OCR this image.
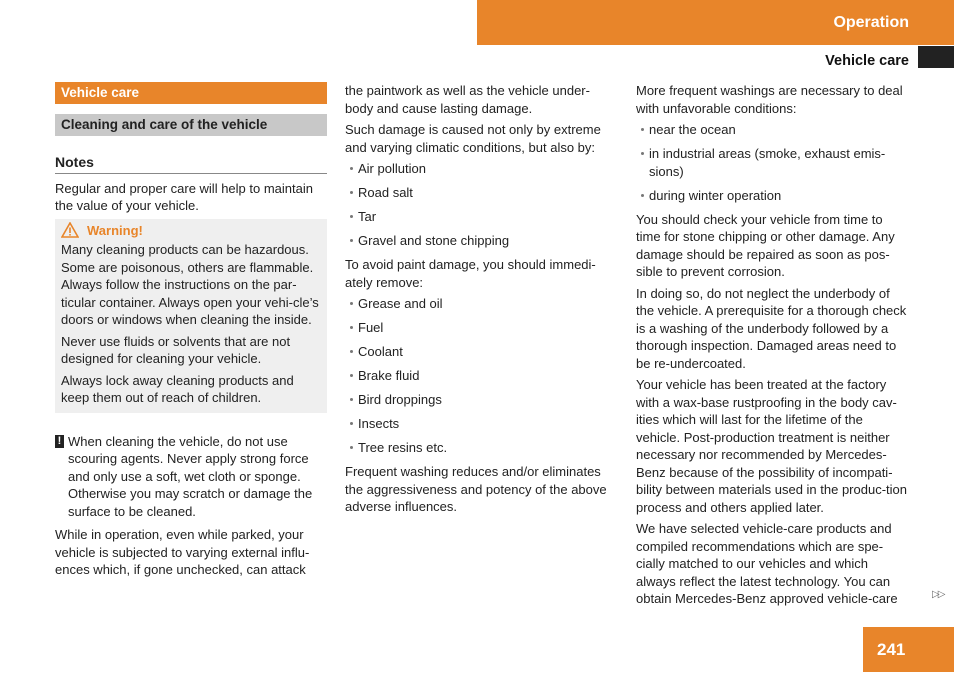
Operation
Vehicle care
Vehicle care
Cleaning and care of the vehicle
Notes

Regular and proper care will help to maintain the value of your vehicle.

Warning!

Many cleaning products can be hazardous. Some are poisonous, others are flammable. Always follow the instructions on the par-ticular container. Always open your vehi-cle’s doors or windows when cleaning the inside.

Never use fluids or solvents that are not designed for cleaning your vehicle.

Always lock away cleaning products and keep them out of reach of children.

! When cleaning the vehicle, do not use scouring agents. Never apply strong force and only use a soft, wet cloth or sponge. Otherwise you may scratch or damage the surface to be cleaned.

While in operation, even while parked, your vehicle is subjected to varying external influ-ences which, if gone unchecked, can attack

the paintwork as well as the vehicle under-body and cause lasting damage.

Such damage is caused not only by extreme and varying climatic conditions, but also by:

Air pollution
Road salt
Tar
Gravel and stone chipping

To avoid paint damage, you should immedi-ately remove:

Grease and oil
Fuel
Coolant
Brake fluid
Bird droppings
Insects
Tree resins etc.

Frequent washing reduces and/or eliminates the aggressiveness and potency of the above adverse influences.

More frequent washings are necessary to deal with unfavorable conditions:

near the ocean
in industrial areas (smoke, exhaust emis-sions)
during winter operation

You should check your vehicle from time to time for stone chipping or other damage. Any damage should be repaired as soon as pos-sible to prevent corrosion.

In doing so, do not neglect the underbody of the vehicle. A prerequisite for a thorough check is a washing of the underbody followed by a thorough inspection. Damaged areas need to be re-undercoated.

Your vehicle has been treated at the factory with a wax-base rustproofing in the body cav-ities which will last for the lifetime of the vehicle. Post-production treatment is neither necessary nor recommended by Mercedes-Benz because of the possibility of incompati-bility between materials used in the produc-tion process and others applied later.

We have selected vehicle-care products and compiled recommendations which are spe-cially matched to our vehicles and which always reflect the latest technology. You can obtain Mercedes-Benz approved vehicle-care	▷▷
241
